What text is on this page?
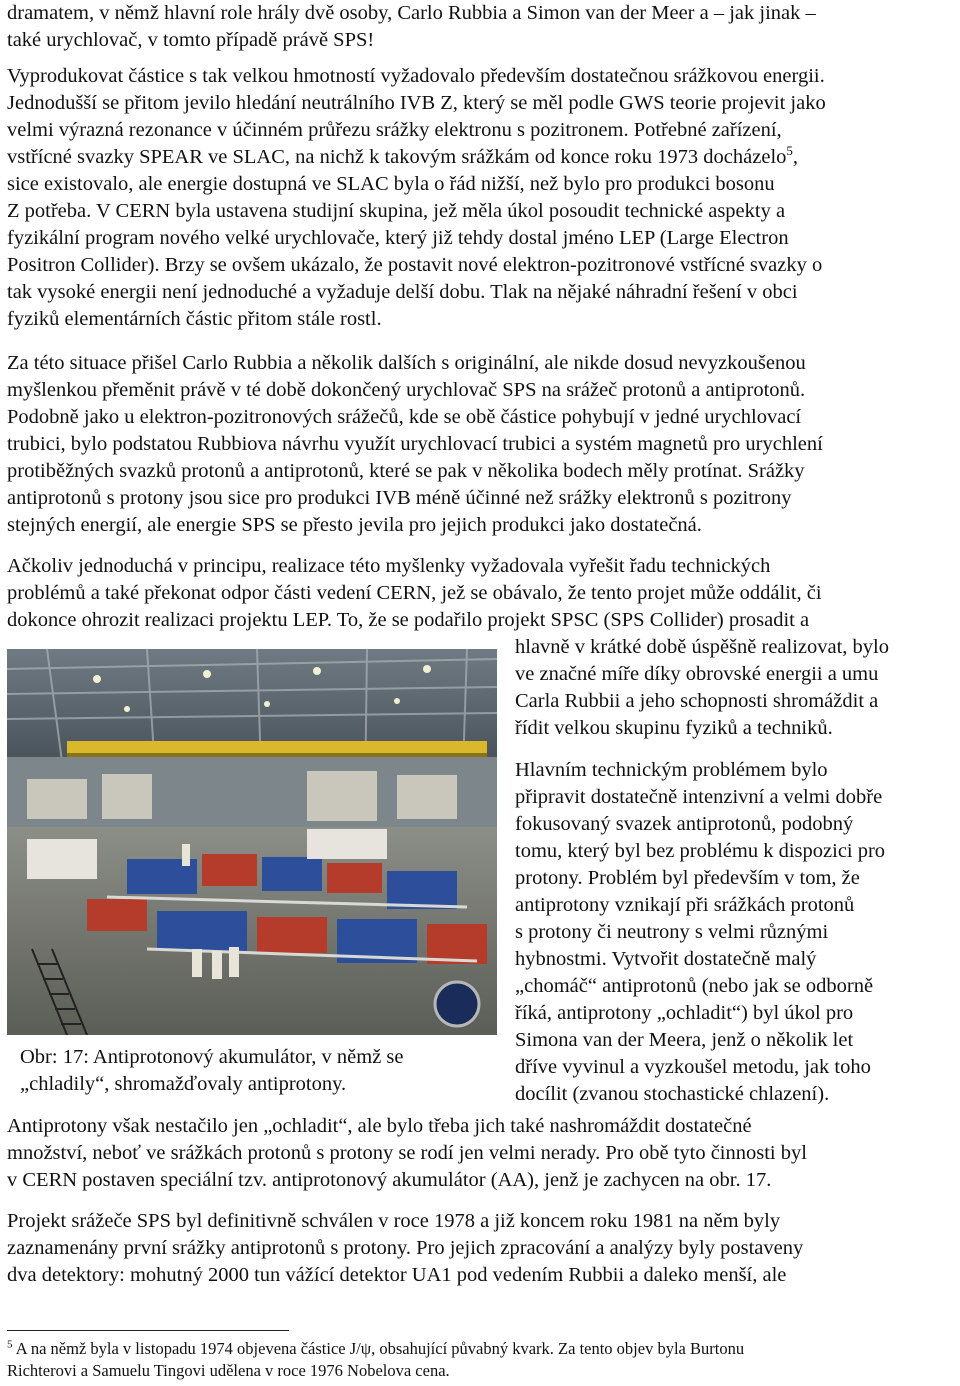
dramatem, v němž hlavní role hrály dvě osoby, Carlo Rubbia a Simon van der Meer a – jak jinak –
také urychlovač, v tomto případě právě SPS!
Vyprodukovat částice s tak velkou hmotností vyžadovalo především dostatečnou srážkovou energii.
Jednodušší se přitom jevilo hledání neutrálního IVB Z, který se měl podle GWS teorie projevit jako
velmi výrazná rezonance v účinném průřezu srážky elektronu s pozitronem. Potřebné zařízení,
vstřícné svazky SPEAR ve SLAC, na nichž k takovým srážkám od konce roku 1973 docházelo$^5$,
sice existovalo, ale energie dostupná ve SLAC byla o řád nižší, než bylo pro produkci bosonu
Z potřeba. V CERN byla ustavena studijní skupina, jež měla úkol posoudit technické aspekty a
fyzikální program nového velké urychlovače, který již tehdy dostal jméno LEP (Large Electron
Positron Collider). Brzy se ovšem ukázalo, že postavit nové elektron-pozitronové vstřícné svazky o
tak vysoké energii není jednoduché a vyžaduje delší dobu. Tlak na nějaké náhradní řešení v obci
fyziků elementárních částic přitom stále rostl.
Za této situace přišel Carlo Rubbia a několik dalších s originální, ale nikde dosud nevyzkoušenou
myšlenkou přeměnit právě v té době dokončený urychlovač SPS na srážeč protonů a antiprotonů.
Podobně jako u elektron-pozitronových srážečů, kde se obě částice pohybují v jedné urychlovací
trubici, bylo podstatou Rubbiova návrhu využít urychlovací trubici a systém magnetů pro urychlení
protiběžných svazků protonů a antiprotonů, které se pak v několika bodech měly protínat. Srážky
antiprotonů s protony jsou sice pro produkci IVB méně účinné než srážky elektronů s pozitrony
stejných energií, ale energie SPS se přesto jevila pro jejich produkci jako dostatečná.
Ačkoliv jednoduchá v principu, realizace této myšlenky vyžadovala vyřešit řadu technických
problémů a také překonat odpor části vedení CERN, jež se obávalo, že tento projet může oddálit, či
dokonce ohrozit realizaci projektu LEP. To, že se podařilo projekt SPSC (SPS Collider) prosadit a
hlavně v krátké době úspěšně realizovat, bylo
ve značné míře díky obrovské energii a umu
Carla Rubbii a jeho schopnosti shromáždit a
řídit velkou skupinu fyziků a techniků.
Hlavním technickým problémem bylo
připravit dostatečně intenzivní a velmi dobře
fokusovaný svazek antiprotonů, podobný
tomu, který byl bez problému k dispozici pro
protony. Problém byl především v tom, že
antiprotony vznikají při srážkách protonů
s protony či neutrony s velmi různými
hybnostmi. Vytvořit dostatečně malý
„chomáč“ antiprotonů (nebo jak se odborně
říká, antiprotony „ochladit“) byl úkol pro
Simona van der Meera, jenž o několik let
dříve vyvinul a vyzkoušel metodu, jak toho
docílit (zvanou stochastické chlazení).
Obr: 17: Antiprotonový akumulátor, v němž se
„chladily“, shromažďovaly antiprotony.
Antiprotony však nestačilo jen „ochladit“, ale bylo třeba jich také nashromáždit dostatečné
množství, neboť ve srážkách protonů s protony se rodí jen velmi nerady. Pro obě tyto činnosti byl
v CERN postaven speciální tzv. antiprotonový akumulátor (AA), jenž je zachycen na obr. 17.
Projekt srážeče SPS byl definitivně schválen v roce 1978 a již koncem roku 1981 na něm byly
zaznamenány první srážky antiprotonů s protony. Pro jejich zpracování a analýzy byly postaveny
dva detektory: mohutný 2000 tun vážící detektor UA1 pod vedením Rubbii a daleko menší, ale
$^5$ A na němž byla v listopadu 1974 objevena částice J/ψ, obsahující půvabný kvark. Za tento objev byla Burtonu
Richterovi a Samuelu Tingovi udělena v roce 1976 Nobelova cena.
